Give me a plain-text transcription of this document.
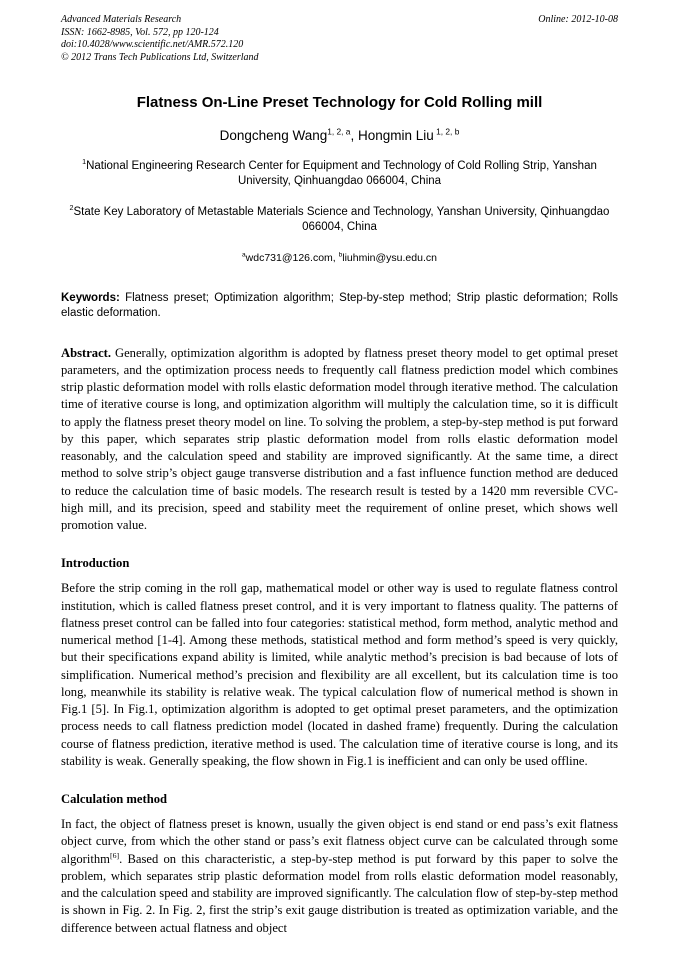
Advanced Materials Research
ISSN: 1662-8985, Vol. 572, pp 120-124
doi:10.4028/www.scientific.net/AMR.572.120
© 2012 Trans Tech Publications Ltd, Switzerland
Online: 2012-10-08
Flatness On-Line Preset Technology for Cold Rolling mill
Dongcheng Wang$^{1, 2, a}$, Hongmin Liu $^{1, 2, b}$
$^1$National Engineering Research Center for Equipment and Technology of Cold Rolling Strip, Yanshan University, Qinhuangdao 066004, China
$^2$State Key Laboratory of Metastable Materials Science and Technology, Yanshan University, Qinhuangdao 066004, China
$^a$wdc731@126.com, $^b$liuhmin@ysu.edu.cn
Keywords: Flatness preset; Optimization algorithm; Step-by-step method; Strip plastic deformation; Rolls elastic deformation.
Abstract. Generally, optimization algorithm is adopted by flatness preset theory model to get optimal preset parameters, and the optimization process needs to frequently call flatness prediction model which combines strip plastic deformation model with rolls elastic deformation model through iterative method. The calculation time of iterative course is long, and optimization algorithm will multiply the calculation time, so it is difficult to apply the flatness preset theory model on line. To solving the problem, a step-by-step method is put forward by this paper, which separates strip plastic deformation model from rolls elastic deformation model reasonably, and the calculation speed and stability are improved significantly. At the same time, a direct method to solve strip’s object gauge transverse distribution and a fast influence function method are deduced to reduce the calculation time of basic models. The research result is tested by a 1420 mm reversible CVC-high mill, and its precision, speed and stability meet the requirement of online preset, which shows well promotion value.
Introduction
Before the strip coming in the roll gap, mathematical model or other way is used to regulate flatness control institution, which is called flatness preset control, and it is very important to flatness quality. The patterns of flatness preset control can be falled into four categories: statistical method, form method, analytic method and numerical method [1-4]. Among these methods, statistical method and form method’s speed is very quickly, but their specifications expand ability is limited, while analytic method’s precision is bad because of lots of simplification. Numerical method’s precision and flexibility are all excellent, but its calculation time is too long, meanwhile its stability is relative weak. The typical calculation flow of numerical method is shown in Fig.1 [5]. In Fig.1, optimization algorithm is adopted to get optimal preset parameters, and the optimization process needs to call flatness prediction model (located in dashed frame) frequently. During the calculation course of flatness prediction, iterative method is used. The calculation time of iterative course is long, and its stability is weak. Generally speaking, the flow shown in Fig.1 is inefficient and can only be used offline.
Calculation method
In fact, the object of flatness preset is known, usually the given object is end stand or end pass’s exit flatness object curve, from which the other stand or pass’s exit flatness object curve can be calculated through some algorithm[6]. Based on this characteristic, a step-by-step method is put forward by this paper to solve the problem, which separates strip plastic deformation model from rolls elastic deformation model reasonably, and the calculation speed and stability are improved significantly. The calculation flow of step-by-step method is shown in Fig. 2. In Fig. 2, first the strip’s exit gauge distribution is treated as optimization variable, and the difference between actual flatness and object
